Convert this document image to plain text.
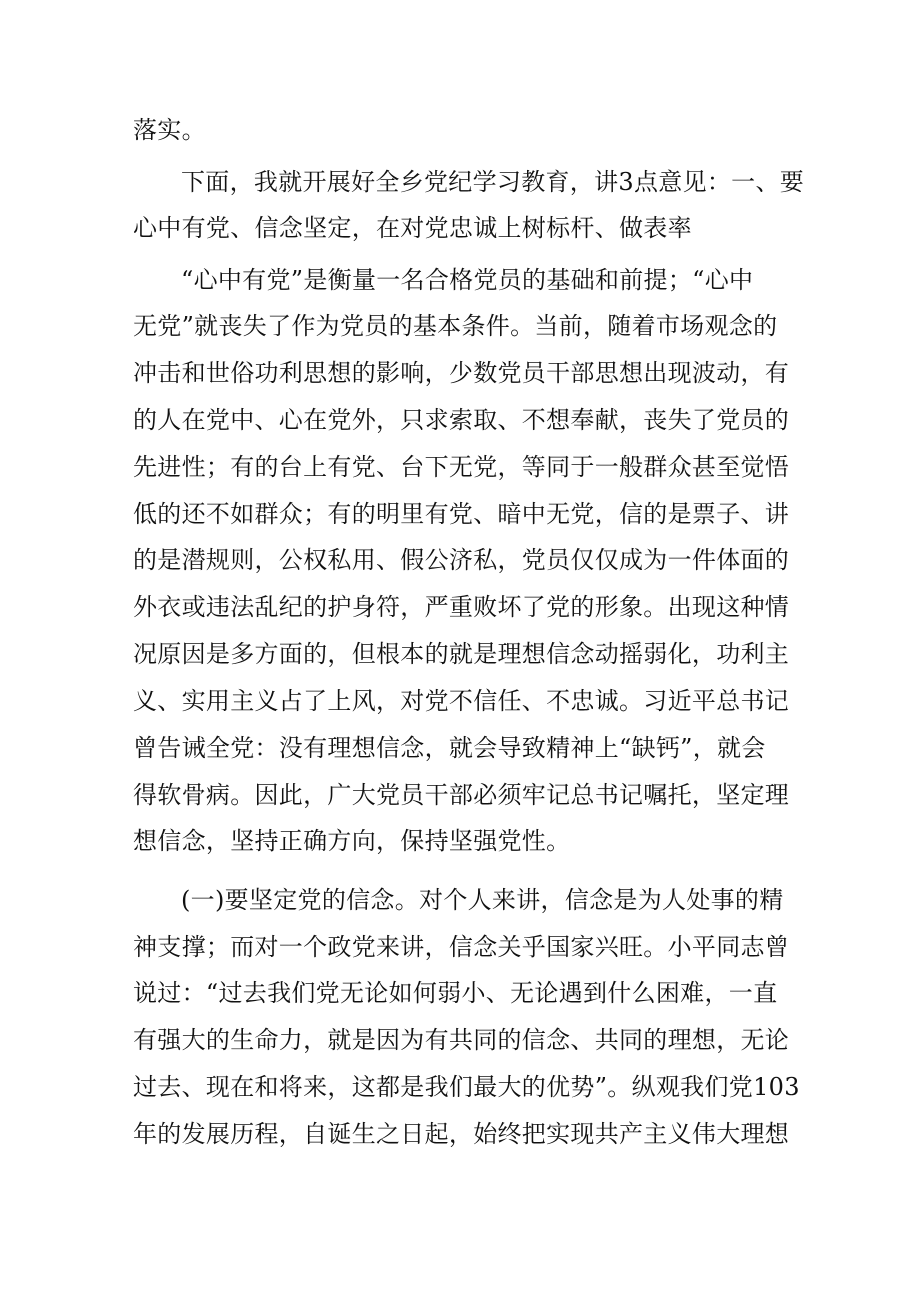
落实。

下面，我就开展好全乡党纪学习教育，讲3点意见：一、要

心中有党、信念坚定，在对党忠诚上树标杆、做表率

“心中有党”是衡量一名合格党员的基础和前提；“心中

无党”就丧失了作为党员的基本条件。当前，随着市场观念的

冲击和世俗功利思想的影响，少数党员干部思想出现波动，有

的人在党中、心在党外，只求索取、不想奉献，丧失了党员的

先进性；有的台上有党、台下无党，等同于一般群众甚至觉悟

低的还不如群众；有的明里有党、暗中无党，信的是票子、讲

的是潜规则，公权私用、假公济私，党员仅仅成为一件体面的

外衣或违法乱纪的护身符，严重败坏了党的形象。出现这种情

况原因是多方面的，但根本的就是理想信念动摇弱化，功利主

义、实用主义占了上风，对党不信任、不忠诚。习近平总书记

曾告诫全党：没有理想信念，就会导致精神上“缺钙”，就会

得软骨病。因此，广大党员干部必须牢记总书记嘱托，坚定理

想信念，坚持正确方向，保持坚强党性。

(一)要坚定党的信念。对个人来讲，信念是为人处事的精

神支撑；而对一个政党来讲，信念关乎国家兴旺。小平同志曾

说过：“过去我们党无论如何弱小、无论遇到什么困难，一直

有强大的生命力，就是因为有共同的信念、共同的理想，无论

过去、现在和将来，这都是我们最大的优势”。纵观我们党103

年的发展历程，自诞生之日起，始终把实现共产主义伟大理想
